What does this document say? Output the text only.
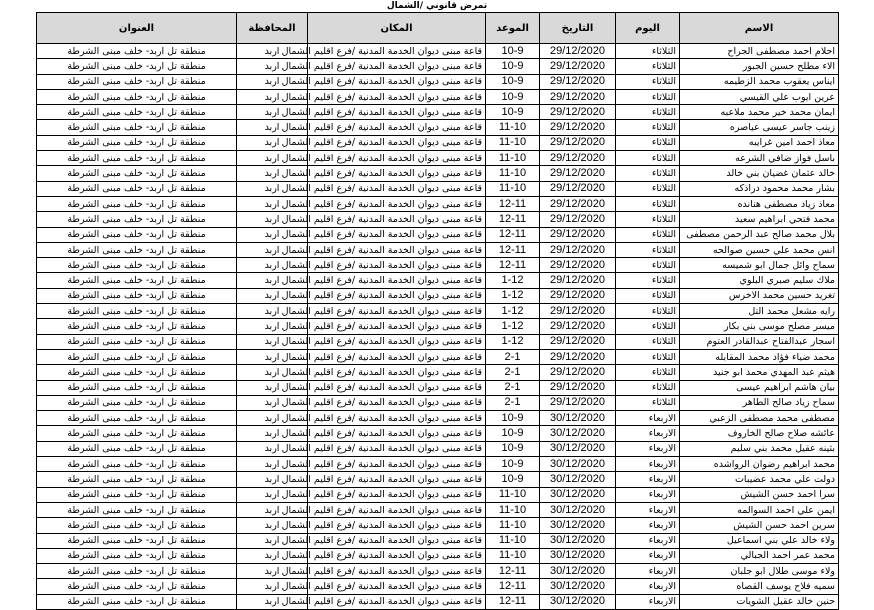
تمرض قانوني /الشمال
العنوان	المحافظة	المكان	الموعد	التاريخ	اليوم	الاسم
منطقة تل اربد- خلف مبنى الشرطة	اربد	قاعة مبنى ديوان الخدمة المدنية /فرع اقليم الشمال	10-9	29/12/2020	الثلاثاء	احلام احمد مصطفى الجراح
منطقة تل اربد- خلف مبنى الشرطة	اربد	قاعة مبنى ديوان الخدمة المدنية /فرع اقليم الشمال	10-9	29/12/2020	الثلاثاء	الاء مطلح حسين الجبور
منطقة تل اربد- خلف مبنى الشرطة	اربد	قاعة مبنى ديوان الخدمة المدنية /فرع اقليم الشمال	10-9	29/12/2020	الثلاثاء	ايناس يعقوب محمد الزطيمه
منطقة تل اربد- خلف مبنى الشرطة	اربد	قاعة مبنى ديوان الخدمة المدنية /فرع اقليم الشمال	10-9	29/12/2020	الثلاثاء	عرين ايوب علي القيسي
منطقة تل اربد- خلف مبنى الشرطة	اربد	قاعة مبنى ديوان الخدمة المدنية /فرع اقليم الشمال	10-9	29/12/2020	الثلاثاء	ايمان محمد خير محمد ملاعبه
منطقة تل اربد- خلف مبنى الشرطة	اربد	قاعة مبنى ديوان الخدمة المدنية /فرع اقليم الشمال	11-10	29/12/2020	الثلاثاء	زينب جاسر عيسى عياصره
منطقة تل اربد- خلف مبنى الشرطة	اربد	قاعة مبنى ديوان الخدمة المدنية /فرع اقليم الشمال	11-10	29/12/2020	الثلاثاء	معاذ احمد امين غرايبه
منطقة تل اربد- خلف مبنى الشرطة	اربد	قاعة مبنى ديوان الخدمة المدنية /فرع اقليم الشمال	11-10	29/12/2020	الثلاثاء	باسل فواز ضافي الشرعه
منطقة تل اربد- خلف مبنى الشرطة	اربد	قاعة مبنى ديوان الخدمة المدنية /فرع اقليم الشمال	11-10	29/12/2020	الثلاثاء	خالد عثمان غضيان بني خالد
منطقة تل اربد- خلف مبنى الشرطة	اربد	قاعة مبنى ديوان الخدمة المدنية /فرع اقليم الشمال	11-10	29/12/2020	الثلاثاء	بشار محمد محمود دراذكه
منطقة تل اربد- خلف مبنى الشرطة	اربد	قاعة مبنى ديوان الخدمة المدنية /فرع اقليم الشمال	12-11	29/12/2020	الثلاثاء	معاذ زياد مصطفى هنانده
منطقة تل اربد- خلف مبنى الشرطة	اربد	قاعة مبنى ديوان الخدمة المدنية /فرع اقليم الشمال	12-11	29/12/2020	الثلاثاء	محمد فتحي ابراهيم سعيد
منطقة تل اربد- خلف مبنى الشرطة	اربد	قاعة مبنى ديوان الخدمة المدنية /فرع اقليم الشمال	12-11	29/12/2020	الثلاثاء	بلال محمد صالح عبد الرحمن مصطفى
منطقة تل اربد- خلف مبنى الشرطة	اربد	قاعة مبنى ديوان الخدمة المدنية /فرع اقليم الشمال	12-11	29/12/2020	الثلاثاء	انس محمد علي حسين صوالحه
منطقة تل اربد- خلف مبنى الشرطة	اربد	قاعة مبنى ديوان الخدمة المدنية /فرع اقليم الشمال	12-11	29/12/2020	الثلاثاء	سماح وائل جمال ابو شميسه
منطقة تل اربد- خلف مبنى الشرطة	اربد	قاعة مبنى ديوان الخدمة المدنية /فرع اقليم الشمال	1-12	29/12/2020	الثلاثاء	ملاك سليم صبري البلوي
منطقة تل اربد- خلف مبنى الشرطة	اربد	قاعة مبنى ديوان الخدمة المدنية /فرع اقليم الشمال	1-12	29/12/2020	الثلاثاء	تغريد حسين محمد الاخرس
منطقة تل اربد- خلف مبنى الشرطة	اربد	قاعة مبنى ديوان الخدمة المدنية /فرع اقليم الشمال	1-12	29/12/2020	الثلاثاء	رايه مشعل محمد التل
منطقة تل اربد- خلف مبنى الشرطة	اربد	قاعة مبنى ديوان الخدمة المدنية /فرع اقليم الشمال	1-12	29/12/2020	الثلاثاء	ميسر مصلح موسى بني بكار
منطقة تل اربد- خلف مبنى الشرطة	اربد	قاعة مبنى ديوان الخدمة المدنية /فرع اقليم الشمال	1-12	29/12/2020	الثلاثاء	اسجار عبدالفتاح عبدالقادر العتوم
منطقة تل اربد- خلف مبنى الشرطة	اربد	قاعة مبنى ديوان الخدمة المدنية /فرع اقليم الشمال	2-1	29/12/2020	الثلاثاء	محمد ضياء فؤاد محمد المقابله
منطقة تل اربد- خلف مبنى الشرطة	اربد	قاعة مبنى ديوان الخدمة المدنية /فرع اقليم الشمال	2-1	29/12/2020	الثلاثاء	هيثم عبد المهدي محمد ابو جنيد
منطقة تل اربد- خلف مبنى الشرطة	اربد	قاعة مبنى ديوان الخدمة المدنية /فرع اقليم الشمال	2-1	29/12/2020	الثلاثاء	بيان هاشم ابراهيم عيسى
منطقة تل اربد- خلف مبنى الشرطة	اربد	قاعة مبنى ديوان الخدمة المدنية /فرع اقليم الشمال	2-1	29/12/2020	الثلاثاء	سماح زياد صالح الطاهر
منطقة تل اربد- خلف مبنى الشرطة	اربد	قاعة مبنى ديوان الخدمة المدنية /فرع اقليم الشمال	10-9	30/12/2020	الاربعاء	مصطفى محمد مصطفى الزعبي
منطقة تل اربد- خلف مبنى الشرطة	اربد	قاعة مبنى ديوان الخدمة المدنية /فرع اقليم الشمال	10-9	30/12/2020	الاربعاء	عائشه صلاح صالح الخاروف
منطقة تل اربد- خلف مبنى الشرطة	اربد	قاعة مبنى ديوان الخدمة المدنية /فرع اقليم الشمال	10-9	30/12/2020	الاربعاء	بثينه عقيل محمد بني سليم
منطقة تل اربد- خلف مبنى الشرطة	اربد	قاعة مبنى ديوان الخدمة المدنية /فرع اقليم الشمال	10-9	30/12/2020	الاربعاء	محمد ابراهيم رضوان الرواشده
منطقة تل اربد- خلف مبنى الشرطة	اربد	قاعة مبنى ديوان الخدمة المدنية /فرع اقليم الشمال	10-9	30/12/2020	الاربعاء	دولت علي محمد عضيبات
منطقة تل اربد- خلف مبنى الشرطة	اربد	قاعة مبنى ديوان الخدمة المدنية /فرع اقليم الشمال	11-10	30/12/2020	الاربعاء	سرا احمد حسن الشيش
منطقة تل اربد- خلف مبنى الشرطة	اربد	قاعة مبنى ديوان الخدمة المدنية /فرع اقليم الشمال	11-10	30/12/2020	الاربعاء	ايمن علي احمد السوالمه
منطقة تل اربد- خلف مبنى الشرطة	اربد	قاعة مبنى ديوان الخدمة المدنية /فرع اقليم الشمال	11-10	30/12/2020	الاربعاء	سرين احمد حسن الشيش
منطقة تل اربد- خلف مبنى الشرطة	اربد	قاعة مبنى ديوان الخدمة المدنية /فرع اقليم الشمال	11-10	30/12/2020	الاربعاء	ولاء خالد علي بني اسماعيل
منطقة تل اربد- خلف مبنى الشرطة	اربد	قاعة مبنى ديوان الخدمة المدنية /فرع اقليم الشمال	11-10	30/12/2020	الاربعاء	محمد عمر احمد الجبالي
منطقة تل اربد- خلف مبنى الشرطة	اربد	قاعة مبنى ديوان الخدمة المدنية /فرع اقليم الشمال	12-11	30/12/2020	الاربعاء	ولاء موسى طلال ابو جلبان
منطقة تل اربد- خلف مبنى الشرطة	اربد	قاعة مبنى ديوان الخدمة المدنية /فرع اقليم الشمال	12-11	30/12/2020	الاربعاء	سميه فلاح يوسف القصاه
منطقة تل اربد- خلف مبنى الشرطة	اربد	قاعة مبنى ديوان الخدمة المدنية /فرع اقليم الشمال	12-11	30/12/2020	الاربعاء	حنين خالد عقيل الشويات
